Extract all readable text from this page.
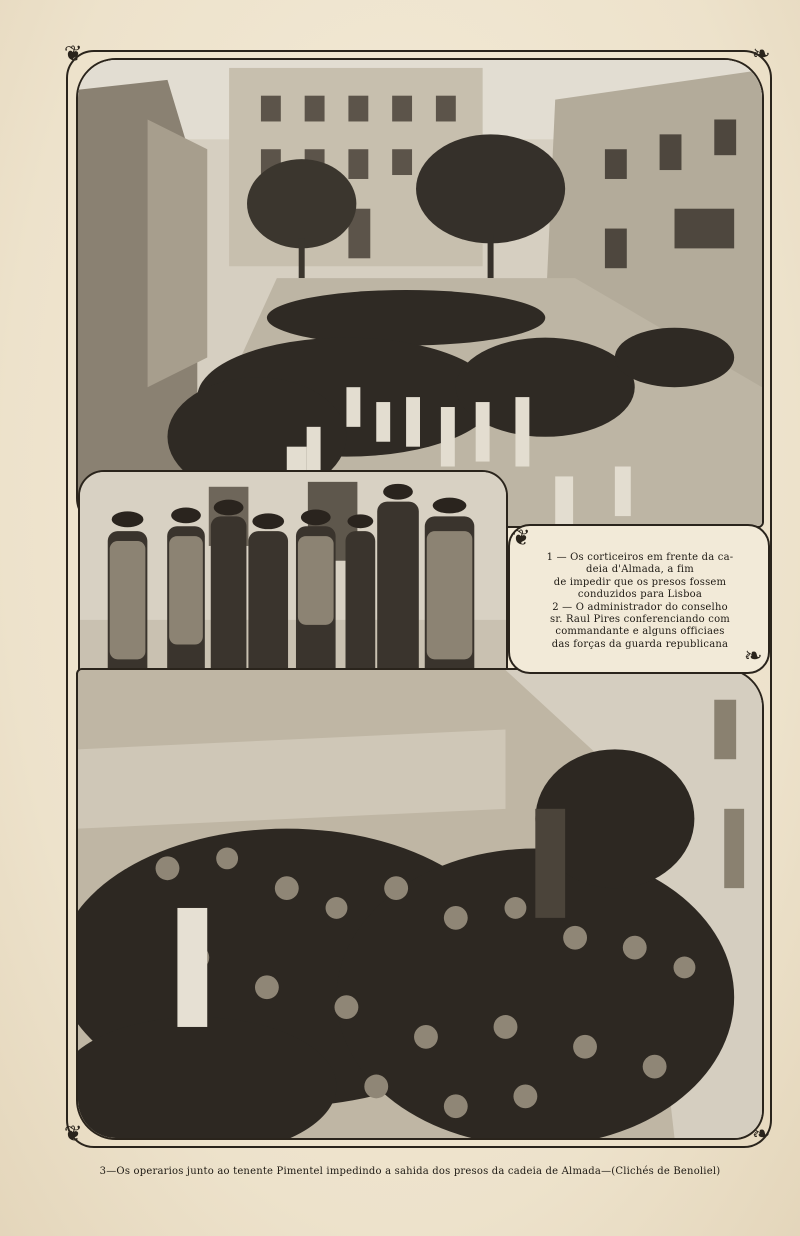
❦
❧

1 — Os corticeiros em frente da ca-

deia d'Almada, a fim

de impedir que os presos fossem

conduzidos para Lisboa

2 — O administrador do conselho

sr. Raul Pires conferenciando com

commandante e alguns officiaes

das forças da guarda republicana

❦	❧
❦	❧

3—Os operarios junto ao tenente Pimentel impedindo a sahida dos presos da cadeia de Almada—(Clichés de Benoliel)
